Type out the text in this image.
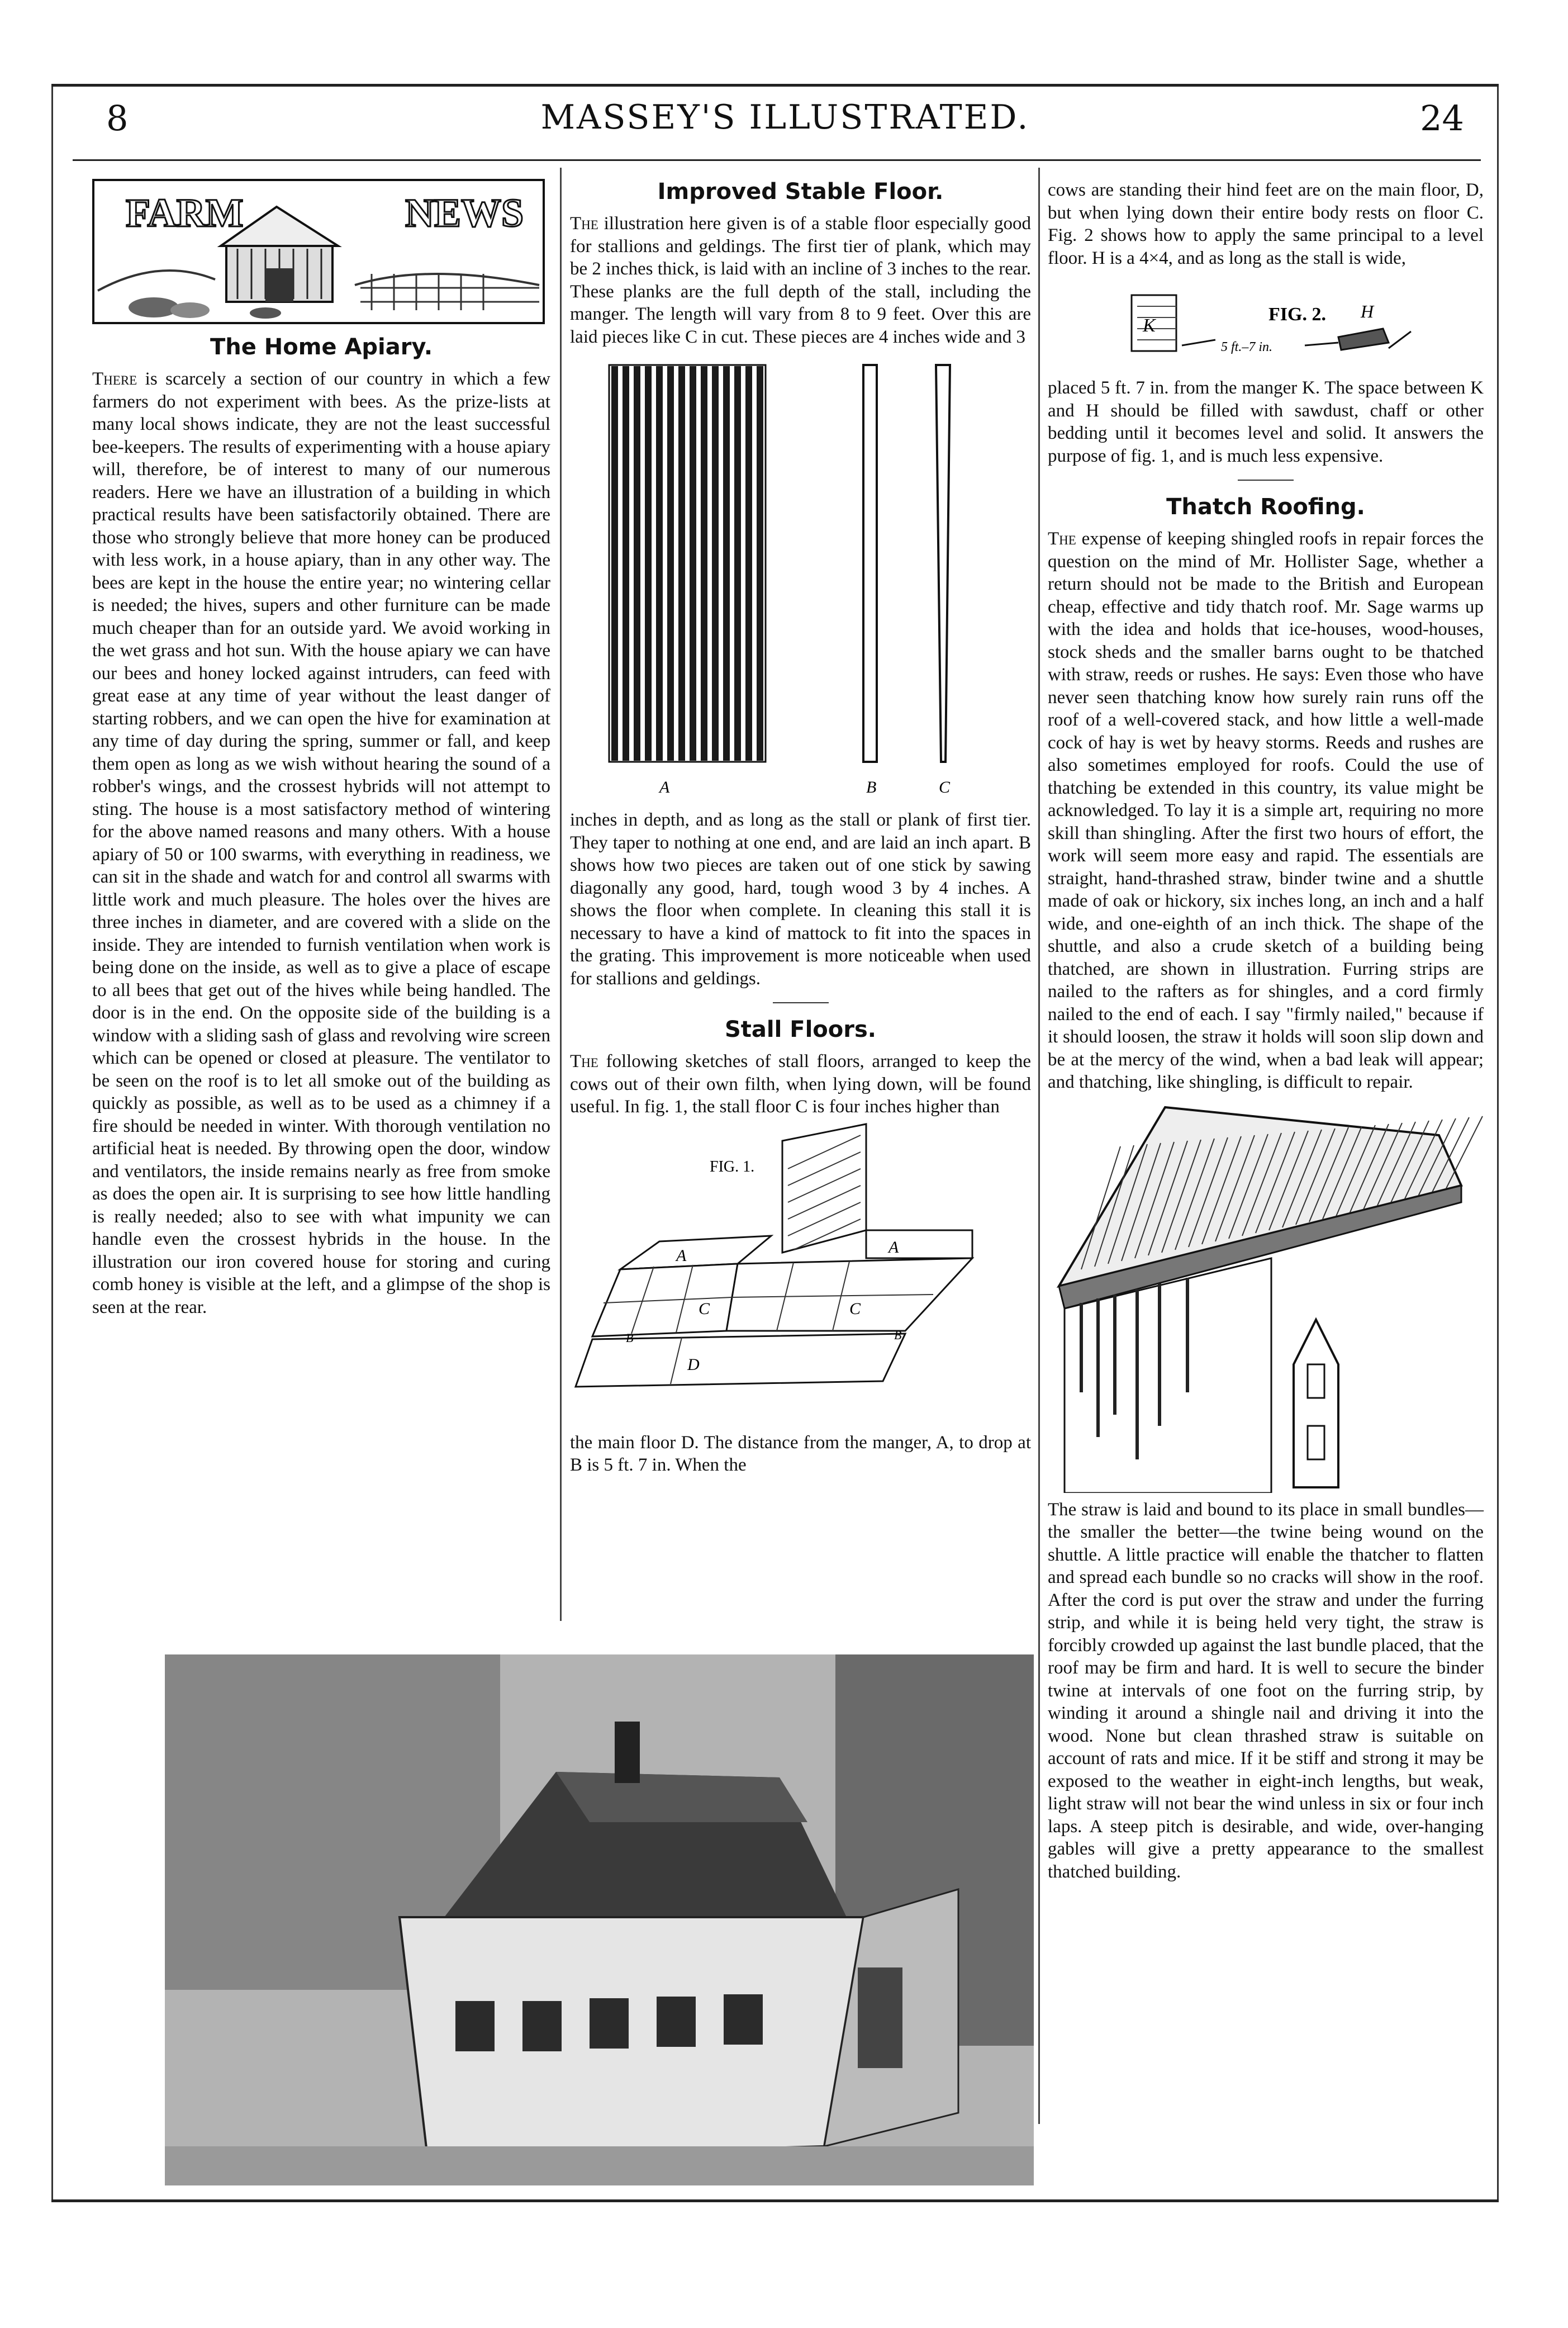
8	MASSEY'S ILLUSTRATED.	24
FARM	NEWS
The Home Apiary.

There is scarcely a section of our country in which a few farmers do not experiment with bees. As the prize-lists at many local shows indicate, they are not the least successful bee-keepers. The results of experimenting with a house apiary will, therefore, be of interest to many of our numerous readers. Here we have an illustration of a building in which practical results have been satisfactorily obtained. There are those who strongly believe that more honey can be produced with less work, in a house apiary, than in any other way. The bees are kept in the house the entire year; no wintering cellar is needed; the hives, supers and other furniture can be made much cheaper than for an outside yard. We avoid working in the wet grass and hot sun. With the house apiary we can have our bees and honey locked against intruders, can feed with great ease at any time of year without the least danger of starting robbers, and we can open the hive for examination at any time of day during the spring, summer or fall, and keep them open as long as we wish without hearing the sound of a robber's wings, and the crossest hybrids will not attempt to sting. The house is a most satisfactory method of wintering for the above named reasons and many others. With a house apiary of 50 or 100 swarms, with everything in readiness, we can sit in the shade and watch for and control all swarms with little work and much pleasure. The holes over the hives are three inches in diameter, and are covered with a slide on the inside. They are intended to furnish ventilation when work is being done on the inside, as well as to give a place of escape to all bees that get out of the hives while being handled. The door is in the end. On the opposite side of the building is a window with a sliding sash of glass and revolving wire screen which can be opened or closed at pleasure. The ventilator to be seen on the roof is to let all smoke out of the building as quickly as possible, as well as to be used as a chimney if a fire should be needed in winter. With thorough ventilation no artificial heat is needed. By throwing open the door, window and ventilators, the inside remains nearly as free from smoke as does the open air. It is surprising to see how little handling is really needed; also to see with what impunity we can handle even the crossest hybrids in the house. In the illustration our iron covered house for storing and curing comb honey is visible at the left, and a glimpse of the shop is seen at the rear.

Improved Stable Floor.

The illustration here given is of a stable floor especially good for stallions and geldings. The first tier of plank, which may be 2 inches thick, is laid with an incline of 3 inches to the rear. These planks are the full depth of the stall, including the manger. The length will vary from 8 to 9 feet. Over this are laid pieces like C in cut. These pieces are 4 inches wide and 3

A	B	C

inches in depth, and as long as the stall or plank of first tier. They taper to nothing at one end, and are laid an inch apart. B shows how two pieces are taken out of one stick by sawing diagonally any good, hard, tough wood 3 by 4 inches. A shows the floor when complete. In cleaning this stall it is necessary to have a kind of mattock to fit into the spaces in the grating. This improvement is more noticeable when used for stallions and geldings.

Stall Floors.

The following sketches of stall floors, arranged to keep the cows out of their own filth, when lying down, will be found useful. In fig. 1, the stall floor C is four inches higher than

FIG. 1.
A	A
C	C
D
B	B

the main floor D. The distance from the manger, A, to drop at B is 5 ft. 7 in. When the

cows are standing their hind feet are on the main floor, D, but when lying down their entire body rests on floor C. Fig. 2 shows how to apply the same principal to a level floor. H is a 4×4, and as long as the stall is wide,

K
FIG. 2. H
5 ft.–7 in.

placed 5 ft. 7 in. from the manger K. The space between K and H should be filled with sawdust, chaff or other bedding until it becomes level and solid. It answers the purpose of fig. 1, and is much less expensive.

Thatch Roofing.

The expense of keeping shingled roofs in repair forces the question on the mind of Mr. Hollister Sage, whether a return should not be made to the British and European cheap, effective and tidy thatch roof. Mr. Sage warms up with the idea and holds that ice-houses, wood-houses, stock sheds and the smaller barns ought to be thatched with straw, reeds or rushes. He says: Even those who have never seen thatching know how surely rain runs off the roof of a well-covered stack, and how little a well-made cock of hay is wet by heavy storms. Reeds and rushes are also sometimes employed for roofs. Could the use of thatching be extended in this country, its value might be acknowledged. To lay it is a simple art, requiring no more skill than shingling. After the first two hours of effort, the work will seem more easy and rapid. The essentials are straight, hand-thrashed straw, binder twine and a shuttle made of oak or hickory, six inches long, an inch and a half wide, and one-eighth of an inch thick. The shape of the shuttle, and also a crude sketch of a building being thatched, are shown in illustration. Furring strips are nailed to the rafters as for shingles, and a cord firmly nailed to the end of each. I say "firmly nailed," because if it should loosen, the straw it holds will soon slip down and be at the mercy of the wind, when a bad leak will appear; and thatching, like shingling, is difficult to repair.

The straw is laid and bound to its place in small bundles—the smaller the better—the twine being wound on the shuttle. A little practice will enable the thatcher to flatten and spread each bundle so no cracks will show in the roof. After the cord is put over the straw and under the furring strip, and while it is being held very tight, the straw is forcibly crowded up against the last bundle placed, that the roof may be firm and hard. It is well to secure the binder twine at intervals of one foot on the furring strip, by winding it around a shingle nail and driving it into the wood. None but clean thrashed straw is suitable on account of rats and mice. If it be stiff and strong it may be exposed to the weather in eight-inch lengths, but weak, light straw will not bear the wind unless in six or four inch laps. A steep pitch is desirable, and wide, over-hanging gables will give a pretty appearance to the smallest thatched building.
